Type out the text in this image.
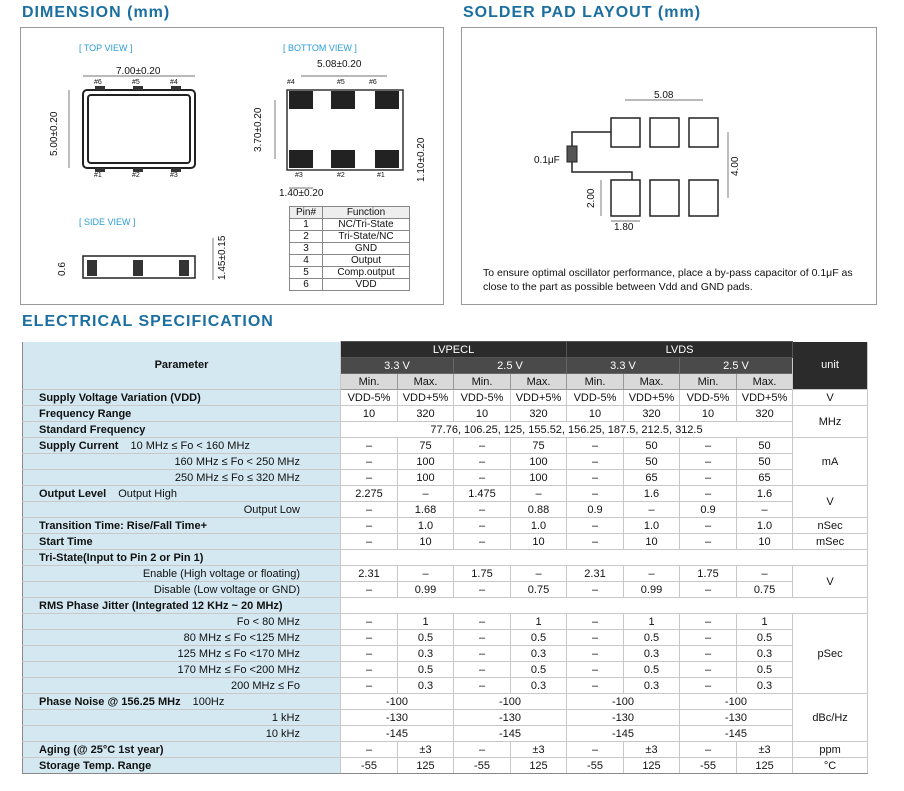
DIMENSION (mm)	SOLDER PAD LAYOUT (mm)
ELECTRICAL SPECIFICATION
[ TOP VIEW ]	[ BOTTOM VIEW ]
[ SIDE VIEW ]
7.00±0.20
5.00±0.20
#6	#5	#4
#1	#2	#3
5.08±0.20
3.70±0.20
1.40±0.20
1.10±0.20
#4	#5	#6
#3	#2	#1
1.45±0.15
0.6
Pin#	Function
1	NC/Tri-State
2	Tri-State/NC
3	GND
4	Output
5	Comp.output
6	VDD
5.08
4.00
2.00
1.80
0.1μF
To ensure optimal oscillator performance, place a by-pass capacitor of 0.1μF as close to the part as possible between Vdd and GND pads.
Parameter	LVPECL				LVDS				unit
	3.3 V		2.5 V		3.3 V		2.5 V		
	Min.	Max.	Min.	Max.	Min.	Max.	Min.	Max.	
Supply Voltage Variation (VDD)	VDD-5%	VDD+5%	VDD-5%	VDD+5%	VDD-5%	VDD+5%	VDD-5%	VDD+5%	V
Frequency Range	10	320	10	320	10	320	10	320	MHz
Standard Frequency	77.76, 106.25, 125, 155.52, 156.25, 187.5, 212.5, 312.5								
Supply Current 10 MHz ≤ Fo < 160 MHz	–	75	–	75	–	50	–	50	mA

160 MHz ≤ Fo < 250 MHz	–	100	–	100	–	50	–	50	

250 MHz ≤ Fo ≤ 320 MHz	–	100	–	100	–	65	–	65	
Output Level Output High	2.275	–	1.475	–	–	1.6	–	1.6	V

Output Low	–	1.68	–	0.88	0.9	–	0.9	–	
Transition Time: Rise/Fall Time+	–	1.0	–	1.0	–	1.0	–	1.0	nSec
Start Time	–	10	–	10	–	10	–	10	mSec
Tri-State(Input to Pin 2 or Pin 1)									

Enable (High voltage or floating)	2.31	–	1.75	–	2.31	–	1.75	–	V

Disable (Low voltage or GND)	–	0.99	–	0.75	–	0.99	–	0.75	
RMS Phase Jitter (Integrated 12 KHz ~ 20 MHz)									

Fo < 80 MHz	–	1	–	1	–	1	–	1	pSec

80 MHz ≤ Fo <125 MHz	–	0.5	–	0.5	–	0.5	–	0.5	

125 MHz ≤ Fo <170 MHz	–	0.3	–	0.3	–	0.3	–	0.3	

170 MHz ≤ Fo <200 MHz	–	0.5	–	0.5	–	0.5	–	0.5	

200 MHz ≤ Fo	–	0.3	–	0.3	–	0.3	–	0.3	
Phase Noise @ 156.25 MHz 100Hz	-100		-100		-100		-100		dBc/Hz

1 kHz	-130		-130		-130		-130		

10 kHz	-145		-145		-145		-145		
Aging (@ 25°C 1st year)	–	±3	–	±3	–	±3	–	±3	ppm
Storage Temp. Range	-55	125	-55	125	-55	125	-55	125	°C
